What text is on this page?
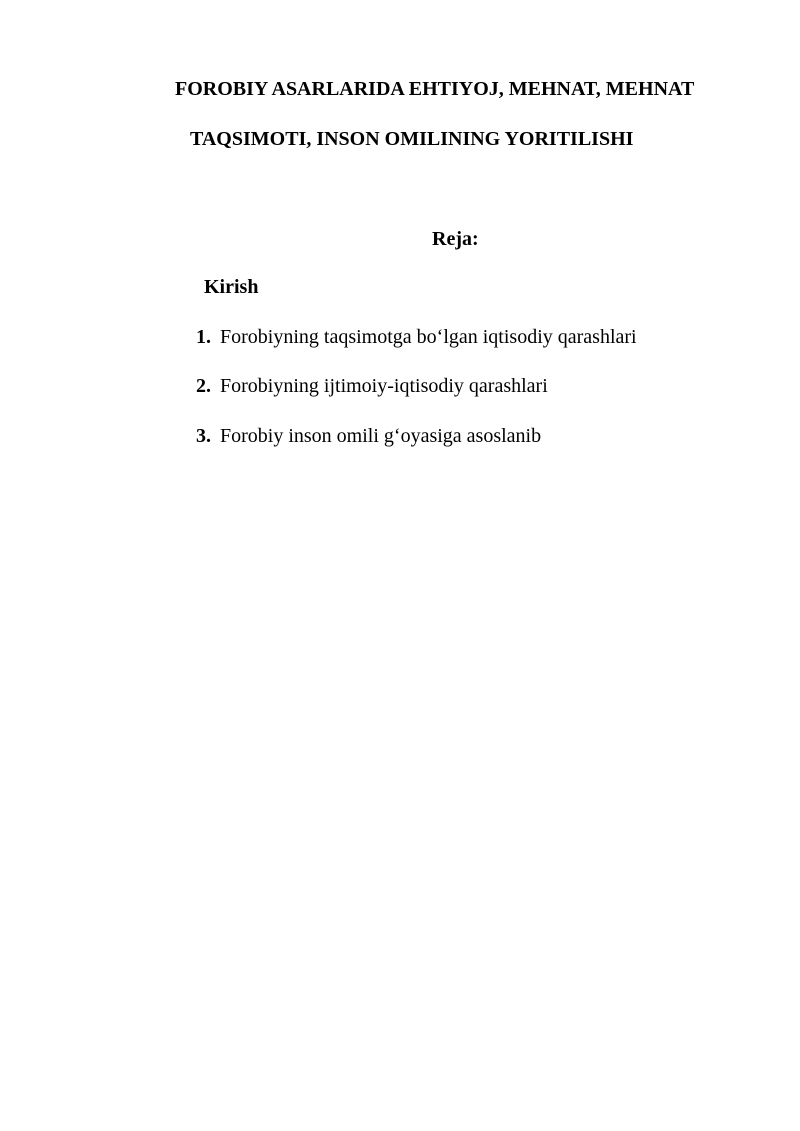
FOROBIY ASARLARIDA EHTIYOJ, MEHNAT, MEHNAT
TAQSIMOTI, INSON OMILINING YORITILISHI
Reja:
Kirish
1. Forobiyning taqsimotga bo‘lgan iqtisodiy qarashlari
2. Forobiyning ijtimoiy-iqtisodiy qarashlari
3. Forobiy inson omili g‘oyasiga asoslanib
